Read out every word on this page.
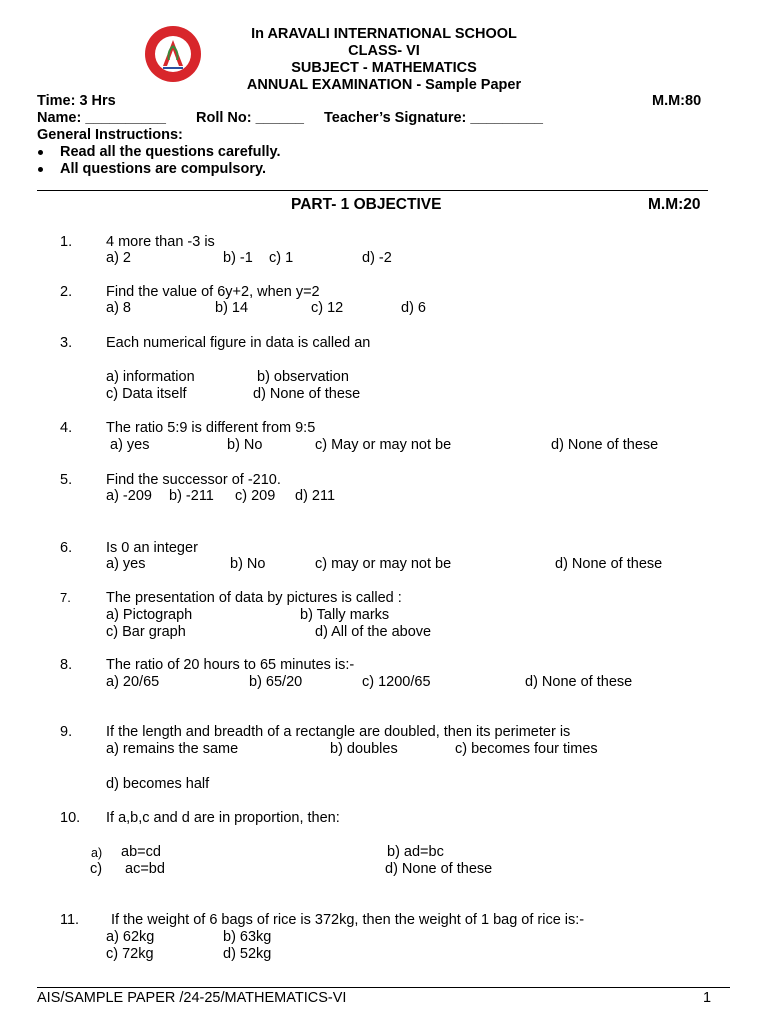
In ARAVALI INTERNATIONAL SCHOOL
CLASS- VI
SUBJECT - MATHEMATICS
ANNUAL EXAMINATION - Sample Paper
Time: 3 Hrs	M.M:80
Name: __________ Roll No: ______ Teacher’s Signature: _________
General Instructions:
Read all the questions carefully.
All questions are compulsory.
PART- 1 OBJECTIVE	M.M:20
1. 4 more than -3 is
a) 2	b) -1 c) 1	d) -2
2. Find the value of 6y+2, when y=2
a) 8	b) 14	c) 12	d) 6
3. Each numerical figure in data is called an
a) information	b) observation
c) Data itself	d) None of these
4. The ratio 5:9 is different from 9:5
a) yes	b) No	c) May or may not be	d) None of these
5. Find the successor of -210.
a) -209 b) -211 c) 209 d) 211
6. Is 0 an integer
a) yes	b) No	c) may or may not be	d) None of these
7. The presentation of data by pictures is called :
a) Pictograph	b) Tally marks
c) Bar graph	d) All of the above
8. The ratio of 20 hours to 65 minutes is:-
a) 20/65	b) 65/20	c) 1200/65	d) None of these
9. If the length and breadth of a rectangle are doubled, then its perimeter is
a) remains the same	b) doubles	c) becomes four times
d) becomes half
10. If a,b,c and d are in proportion, then:
a) ab=cd	b) ad=bc
c) ac=bd	d) None of these
11. If the weight of 6 bags of rice is 372kg, then the weight of 1 bag of rice is:-
a) 62kg	b) 63kg
c) 72kg	d) 52kg
AIS/SAMPLE PAPER /24-25/MATHEMATICS-VI	1
